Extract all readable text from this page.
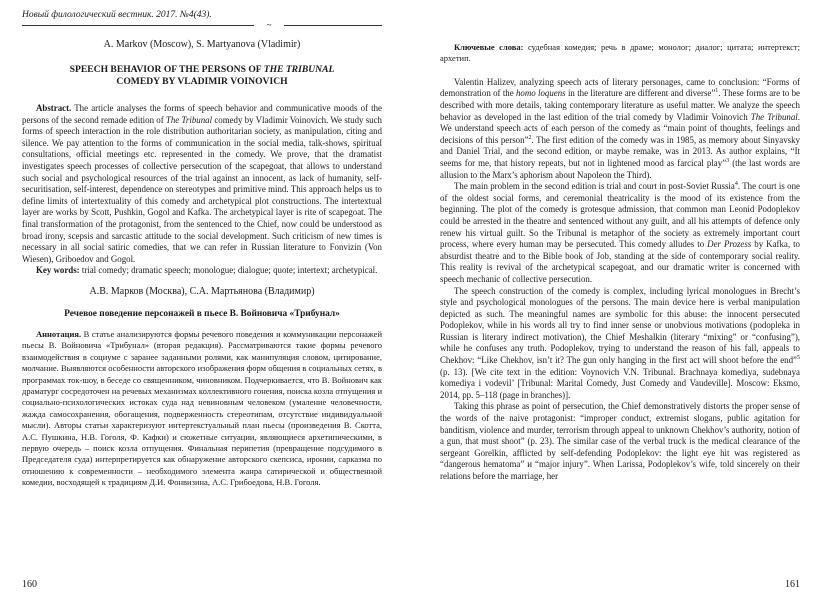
Новый филологический вестник. 2017. №4(43).
~

A. Markov (Moscow), S. Martyanova (Vladimir)

SPEECH BEHAVIOR OF THE PERSONS OF THE TRIBUNAL
COMEDY BY VLADIMIR VOINOVICH

Abstract. The article analyses the forms of speech behavior and communicative moods of the persons of the second remade edition of The Tribunal comedy by Vladimir Voinovich. We study such forms of speech interaction in the role distribution authoritarian society, as manipulation, citing and silence. We pay attention to the forms of communication in the social media, talk-shows, spiritual consultations, official meetings etc. represented in the comedy. We prove, that the dramatist investigates speech processes of collective persecution of the scapegoat, that allows to understand such social and psychological resources of the trial against an innocent, as lack of humanity, self-securitisation, self-interest, dependence on stereotypes and primitive mind. This approach helps us to define limits of intertextuality of this comedy and archetypical plot constructions. The intertextual layer are works by Scott, Pushkin, Gogol and Kafka. The archetypical layer is rite of scapegoat. The final transformation of the protagonist, from the sentenced to the Chief, now could be understood as broad irony, scepsis and sarcastic attitude to the social development. Such criticism of new times is necessary in all social satiric comedies, that we can refer in Russian literature to Fonvizin (Von Wiesen), Griboedov and Gogol.

Key words: trial comedy; dramatic speech; monologue; dialogue; quote; intertext; archetypical.

А.В. Марков (Москва), С.А. Мартьянова (Владимир)

Речевое поведение персонажей в пьесе В. Войновича «Трибунал»

Аннотация. В статье анализируются формы речевого поведения и коммуникации персонажей пьесы В. Войновича «Трибунал» (вторая редакция). Рассматриваются такие формы речевого взаимодействия в социуме с заранее заданными ролями, как манипуляция словом, цитирование, молчание. Выявляются особенности авторского изображения форм общения в социальных сетях, в программах ток-шоу, в беседе со священником, чиновником. Подчеркивается, что В. Войнович как драматург сосредоточен на речевых механизмах коллективного гонения, поиска козла отпущения и социально-психологических истоках суда над невиновным человеком (умаление человечности, жажда самосохранения, обогащения, подверженность стереотипам, отсутствие индивидуальной мысли). Авторы статьи характеризуют интертекстуальный план пьесы (произведения В. Скотта, А.С. Пушкина, Н.В. Гоголя, Ф. Кафки) и сюжетные ситуации, являющиеся архетипическими, в первую очередь – поиск козла отпущения. Финальная перипетия (превращение подсудимого в Председателя суда) интерпретируется как обнаружение авторского скепсиса, иронии, сарказма по отношению к современности – необходимого элемента жанра сатирической и общественной комедии, восходящей к традициям Д.И. Фонвизина, А.С. Грибоедова, Н.В. Гоголя.

160

Ключевые слова: судебная комедия; речь в драме; монолог; диалог; цитата; интертекст; архетип.

Valentin Halizev, analyzing speech acts of literary personages, came to conclusion: “Forms of demonstration of the homo loquens in the literature are different and diverse”$^1$. These forms are to be described with more details, taking contemporary literature as useful matter. We analyze the speech behavior as developed in the last edition of the trial comedy by Vladimir Voinovich The Tribunal. We understand speech acts of each person of the comedy as “main point of thoughts, feelings and decisions of this person”$^2$. The first edition of the comedy was in 1985, as memory about Sinyavsky and Daniel Trial, and the second edition, or maybe remake, was in 2013. As author explains, “It seems for me, that history repeats, but not in lightened mood as farcical play”$^3$ (the last words are allusion to the Marx’s aphorism about Napoleon the Third).

The main problem in the second edition is trial and court in post-Soviet Russia$^4$. The court is one of the oldest social forms, and ceremonial theatricality is the mood of its existence from the beginning. The plot of the comedy is grotesque admission, that common man Leonid Podoplekov could be arrested in the theatre and sentenced without any guilt, and all his attempts of defence only renew his virtual guilt. So the Tribunal is metaphor of the society as extremely important court process, where every human may be persecuted. This comedy alludes to Der Prozess by Kafka, to absurdist theatre and to the Bible book of Job, standing at the side of contemporary social reality. This reality is revival of the archetypical scapegoat, and our dramatic writer is concerned with speech mechanic of collective persecution.

The speech construction of the comedy is complex, including lyrical monologues in Brecht’s style and psychological monologues of the persons. The main device here is verbal manipulation depicted as such. The meaningful names are symbolic for this abuse: the innocent persecuted Podoplekov, while in his words all try to find inner sense or unobvious motivations (podopleka in Russian is literary indirect motivation), the Chief Meshalkin (literary “mixing” or “confusing”), while he confuses any truth. Podoplekov, trying to understand the reason of his fall, appeals to Chekhov: “Like Chekhov, isn’t it? The gun only hanging in the first act will shoot before the end”$^5$ (p. 13). [We cite text in the edition: Voynovich V.N. Tribunal. Brachnaya komediya, sudebnaya komediya i vodevil’ [Tribunal: Marital Comedy, Just Comedy and Vaudeville]. Moscow: Eksmo, 2014, pp. 5–118 (page in branches)].

Taking this phrase as point of persecution, the Chief demonstratively distorts the proper sense of the words of the naive protagonist: “improper conduct, extremist slogans, public agitation for banditism, violence and murder, terrorism through appeal to unknown Chekhov’s authority, notion of a gun, that must shoot” (p. 23). The similar case of the verbal truck is the medical clearance of the sergeant Gorelkin, afflicted by self-defending Podoplekov: the light eye hit was registered as “dangerous hematoma” и “major injury”. When Larissa, Podoplekov’s wife, told sincerely on their relations before the marriage, her

161
